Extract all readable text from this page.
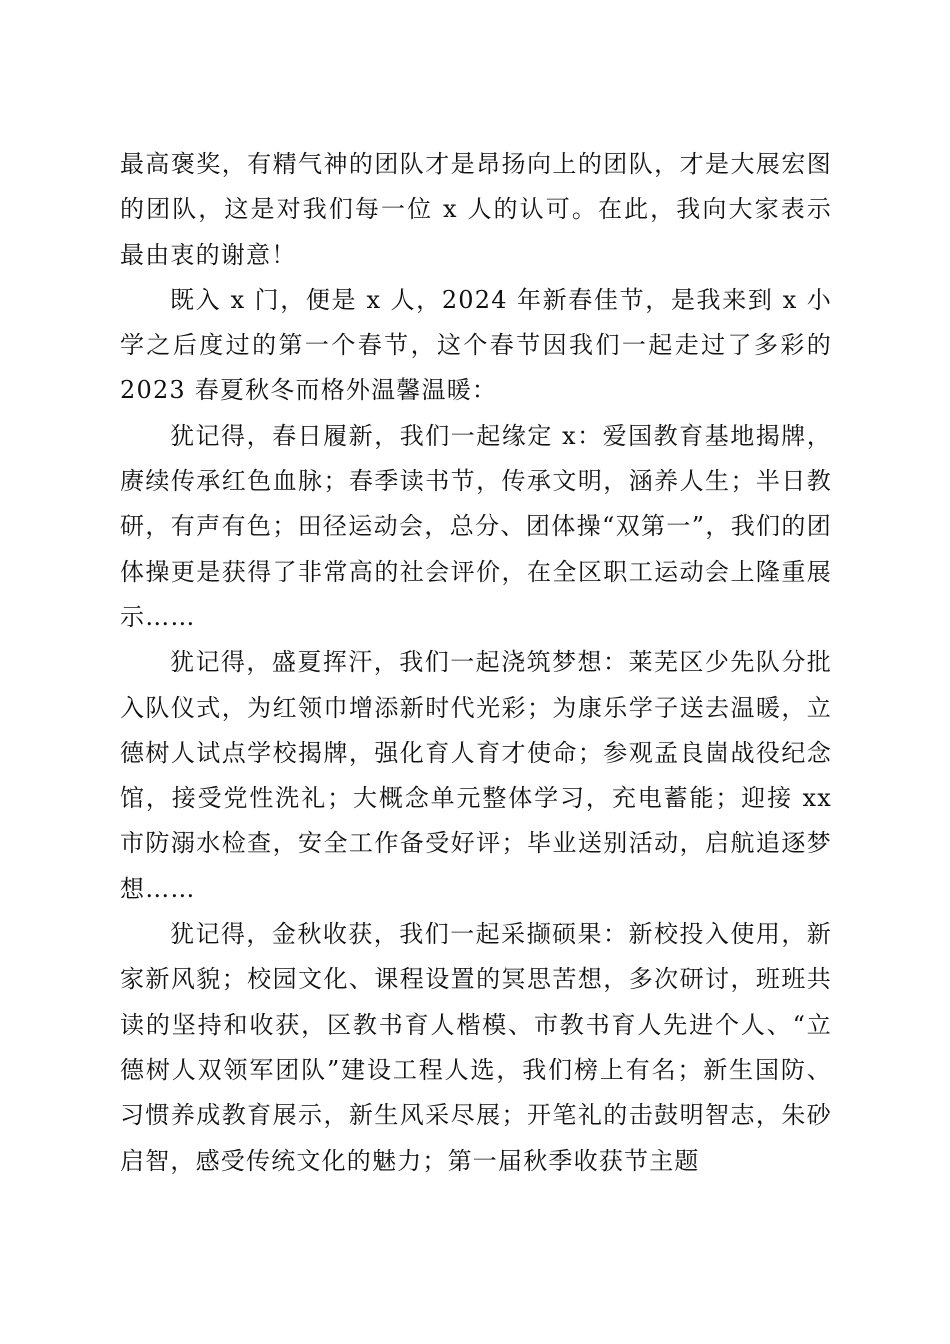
最高褒奖，有精气神的团队才是昂扬向上的团队，才是大展宏图的团队，这是对我们每一位 x 人的认可。在此，我向大家表示最由衷的谢意！

既入 x 门，便是 x 人，2024 年新春佳节，是我来到 x 小学之后度过的第一个春节，这个春节因我们一起走过了多彩的 2023 春夏秋冬而格外温馨温暖：

犹记得，春日履新，我们一起缘定 x：爱国教育基地揭牌，赓续传承红色血脉；春季读书节，传承文明，涵养人生；半日教研，有声有色；田径运动会，总分、团体操“双第一”，我们的团体操更是获得了非常高的社会评价，在全区职工运动会上隆重展示……

犹记得，盛夏挥汗，我们一起浇筑梦想：莱芜区少先队分批入队仪式，为红领巾增添新时代光彩；为康乐学子送去温暖，立德树人试点学校揭牌，强化育人育才使命；参观孟良崮战役纪念馆，接受党性洗礼；大概念单元整体学习，充电蓄能；迎接 xx 市防溺水检查，安全工作备受好评；毕业送别活动，启航追逐梦想……

犹记得，金秋收获，我们一起采撷硕果：新校投入使用，新家新风貌；校园文化、课程设置的冥思苦想，多次研讨，班班共读的坚持和收获，区教书育人楷模、市教书育人先进个人、“立德树人双领军团队”建设工程人选，我们榜上有名；新生国防、习惯养成教育展示，新生风采尽展；开笔礼的击鼓明智志，朱砂启智，感受传统文化的魅力；第一届秋季收获节主题
